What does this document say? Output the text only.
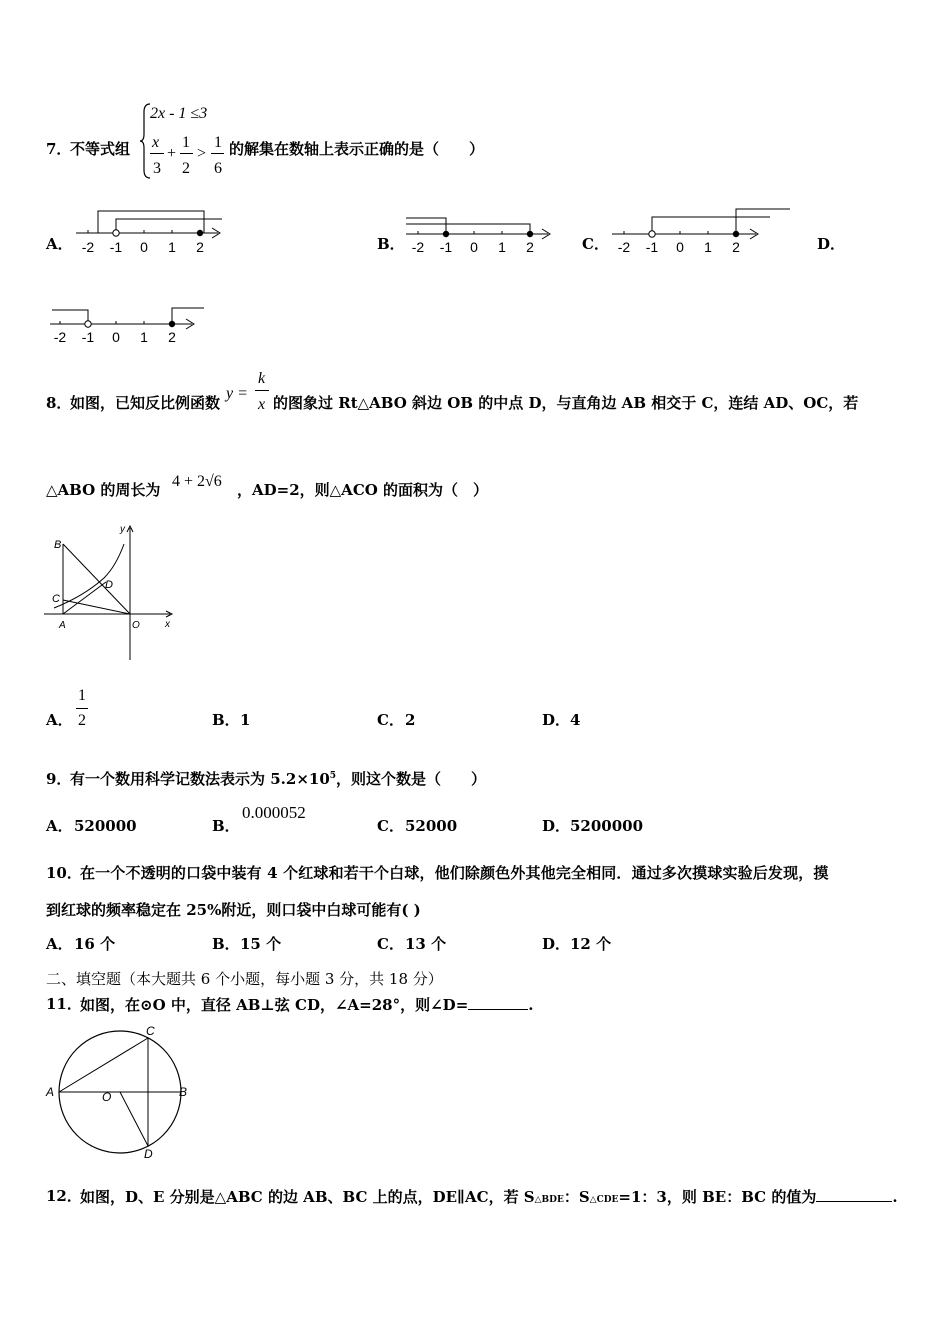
7．
不等式组
2x - 1 ≤3
x
3
+
1
2
>
1
6
的解集在数轴上表示正确的是（　　）
A．	B．	C．	D．
-2 -1 0 1 2	-2 -1 0 1 2	-2 -1 0 1 2
-2 -1 0 1 2
8．
如图，已知反比例函数
y =
k
x 的图象过 Rt△ABO 斜边 OB 的中点 D，与直角边 AB 相交于 C，连结 AD、OC，若
△ABO 的周长为 4 + 2√6 ，AD=2，则△ACO 的面积为（　）
B
C
D
A	O	x
y
A．
1
2	B． 1	C． 2	D． 4
9．
有一个数用科学记数法表示为 $5.2\times 10^5$，则这个数是（　　）
A． 520000	B．
0.000052
C． 52000	D． 5200000
10．
在一个不透明的口袋中装有 4 个红球和若干个白球，他们除颜色外其他完全相同．通过多次摸球实验后发现，摸
到红球的频率稳定在 25%附近，则口袋中白球可能有( )
A． 16 个	B． 15 个	C． 13 个	D． 12 个
二、填空题（本大题共 6 个小题，每小题 3 分，共 18 分）
11．
如图，在⊙O 中，直径 AB⊥弦 CD，∠A=28°，则∠D=	.
C
A	B
O
D
12．
如图，D、E 分别是△ABC 的边 AB、BC 上的点，DE∥AC，若 S△BDE：S△CDE=1：3，则 BE：BC 的值为	.
